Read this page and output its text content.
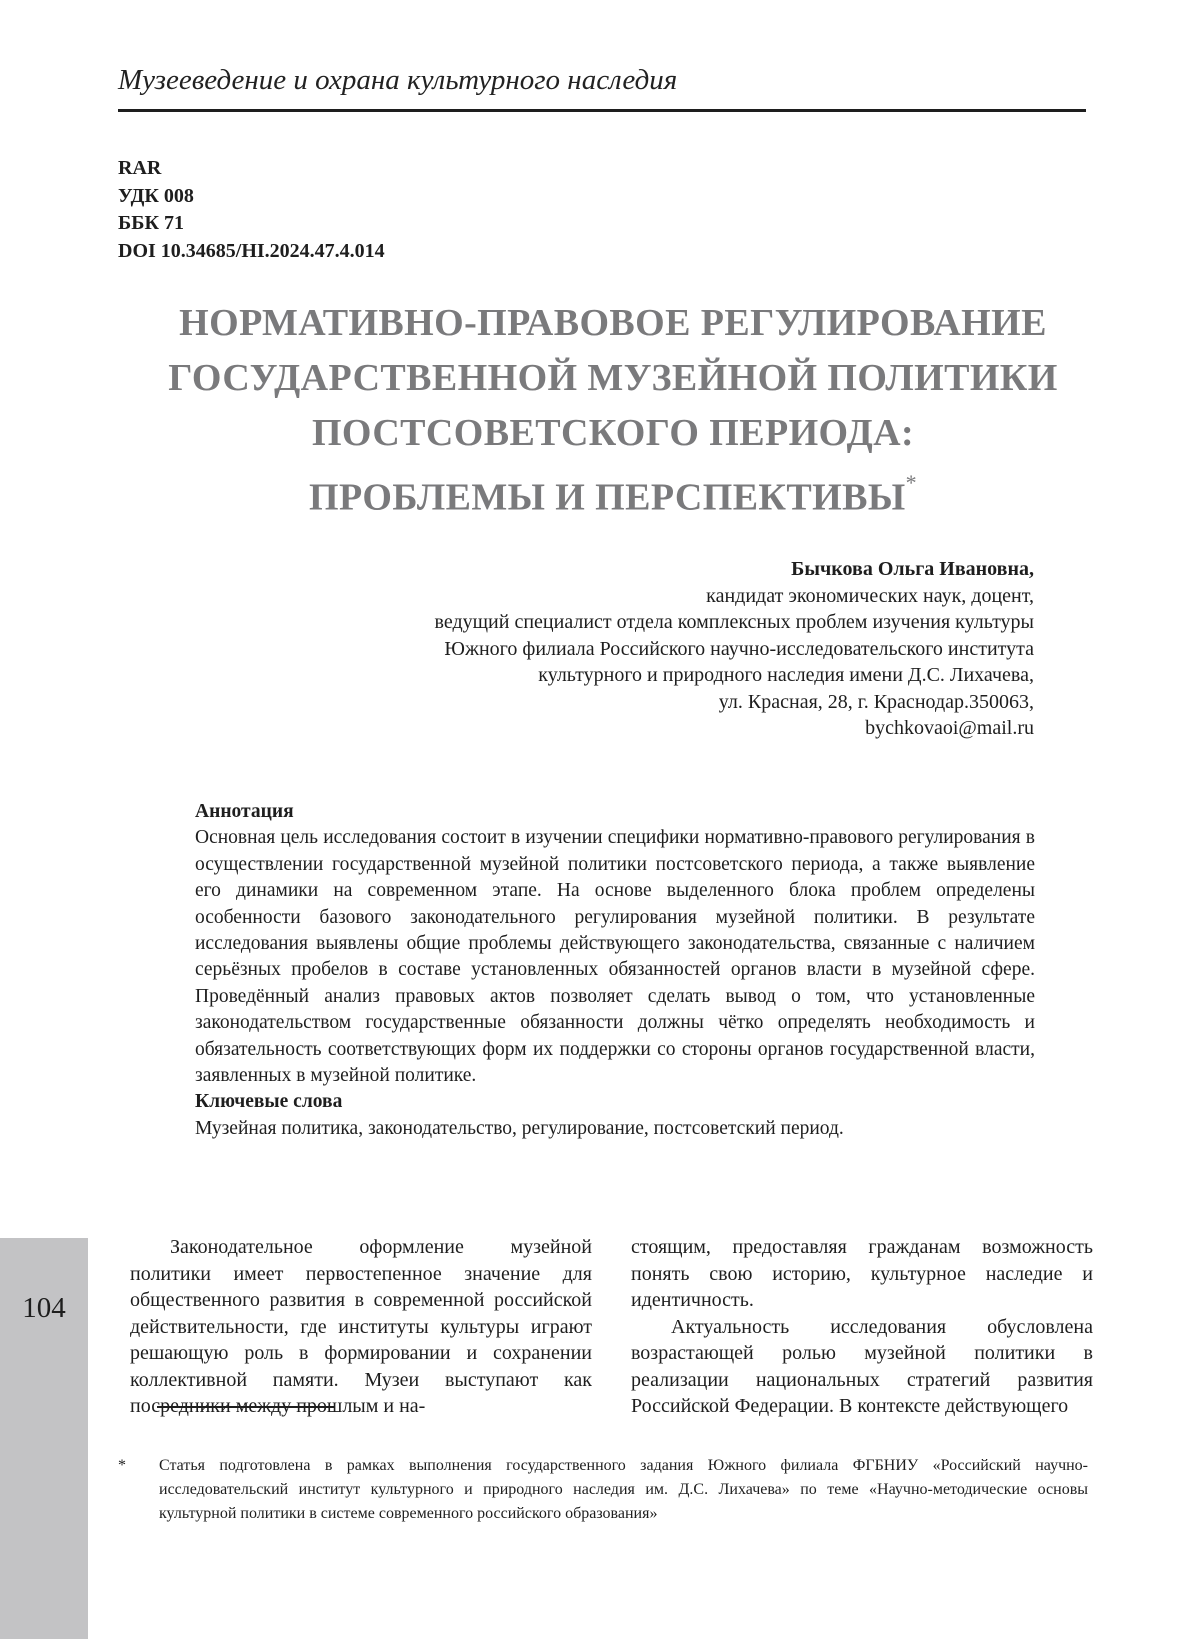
104
Музееведение и охрана культурного наследия
RAR
УДК 008
ББК 71
DOI 10.34685/HI.2024.47.4.014
НОРМАТИВНО-ПРАВОВОЕ РЕГУЛИРОВАНИЕ
ГОСУДАРСТВЕННОЙ МУЗЕЙНОЙ ПОЛИТИКИ
ПОСТСОВЕТСКОГО ПЕРИОДА:
ПРОБЛЕМЫ И ПЕРСПЕКТИВЫ*
Бычкова Ольга Ивановна,
кандидат экономических наук, доцент,
ведущий специалист отдела комплексных проблем изучения культуры
Южного филиала Российского научно-исследовательского института
культурного и природного наследия имени Д.С. Лихачева,
ул. Красная, 28, г. Краснодар.350063,
bychkovaoi@mail.ru
Аннотация

Основная цель исследования состоит в изучении специфики нормативно-правового регулирования в осуществлении государственной музейной политики постсоветского периода, а также выявление его динамики на современном этапе. На основе выделенного блока проблем определены особенности базового законодательного регулирования музейной политики. В результате исследования выявлены общие проблемы действующего законодательства, связанные с наличием серьёзных пробелов в составе установленных обязанностей органов власти в музейной сфере. Проведённый анализ правовых актов позволяет сделать вывод о том, что установленные законодательством государственные обязанности должны чётко определять необходимость и обязательность соответствующих форм их поддержки со стороны органов государственной власти, заявленных в музейной политике.

Ключевые слова

Музейная политика, законодательство, регулирование, постсоветский период.

Законодательное оформление музейной политики имеет первостепенное значение для общественного развития в современной российской действительности, где институты культуры играют решающую роль в формировании и сохранении коллективной памяти. Музеи выступают как прошлым и на-

стоящим, предоставляя гражданам возможность понять свою историю, культурное наследие и идентичность.

Актуальность исследования обусловлена возрастающей ролью музейной политики в реализации национальных стратегий развития Российской Федерации. В контексте действующего

* Статья подготовлена в рамках выполнения государственного задания Южного филиала ФГБНИУ «Российский научно-исследовательский институт культурного и природного наследия им. Д.С. Лихачева» по теме «Научно-методические основы культурной политики в системе современного российского образования»
